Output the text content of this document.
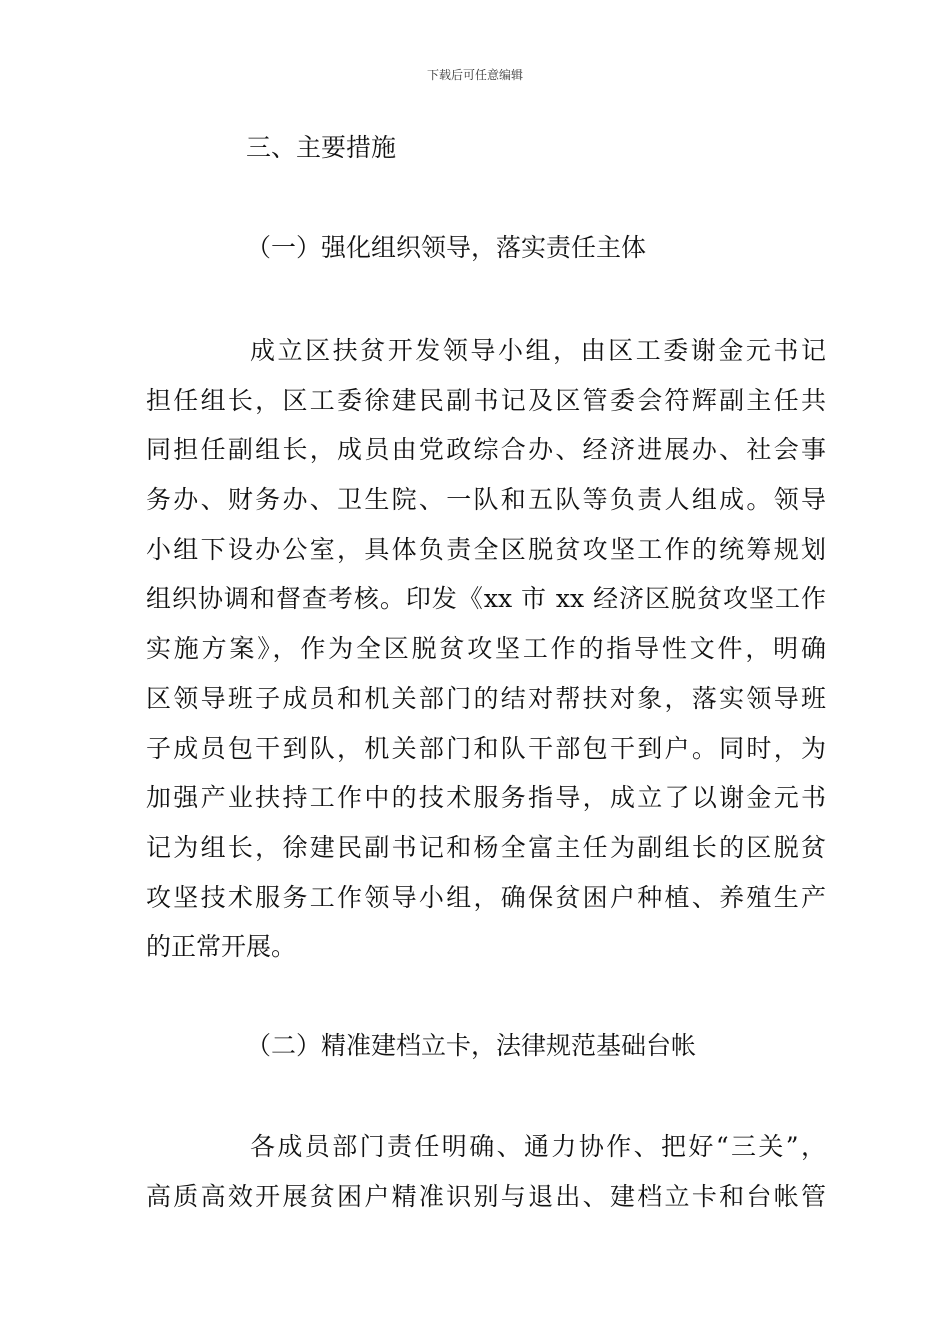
下载后可任意编辑
三、主要措施
（一）强化组织领导，落实责任主体
成立区扶贫开发领导小组，由区工委谢金元书记
担任组长，区工委徐建民副书记及区管委会符辉副主任共
同担任副组长，成员由党政综合办、经济进展办、社会事
务办、财务办、卫生院、一队和五队等负责人组成。领导
小组下设办公室，具体负责全区脱贫攻坚工作的统筹规划
组织协调和督查考核。印发《xx 市 xx 经济区脱贫攻坚工作
实施方案》，作为全区脱贫攻坚工作的指导性文件，明确
区领导班子成员和机关部门的结对帮扶对象，落实领导班
子成员包干到队，机关部门和队干部包干到户。同时，为
加强产业扶持工作中的技术服务指导，成立了以谢金元书
记为组长，徐建民副书记和杨全富主任为副组长的区脱贫
攻坚技术服务工作领导小组，确保贫困户种植、养殖生产
的正常开展。
（二）精准建档立卡，法律规范基础台帐
各成员部门责任明确、通力协作、把好“三关”，
高质高效开展贫困户精准识别与退出、建档立卡和台帐管
